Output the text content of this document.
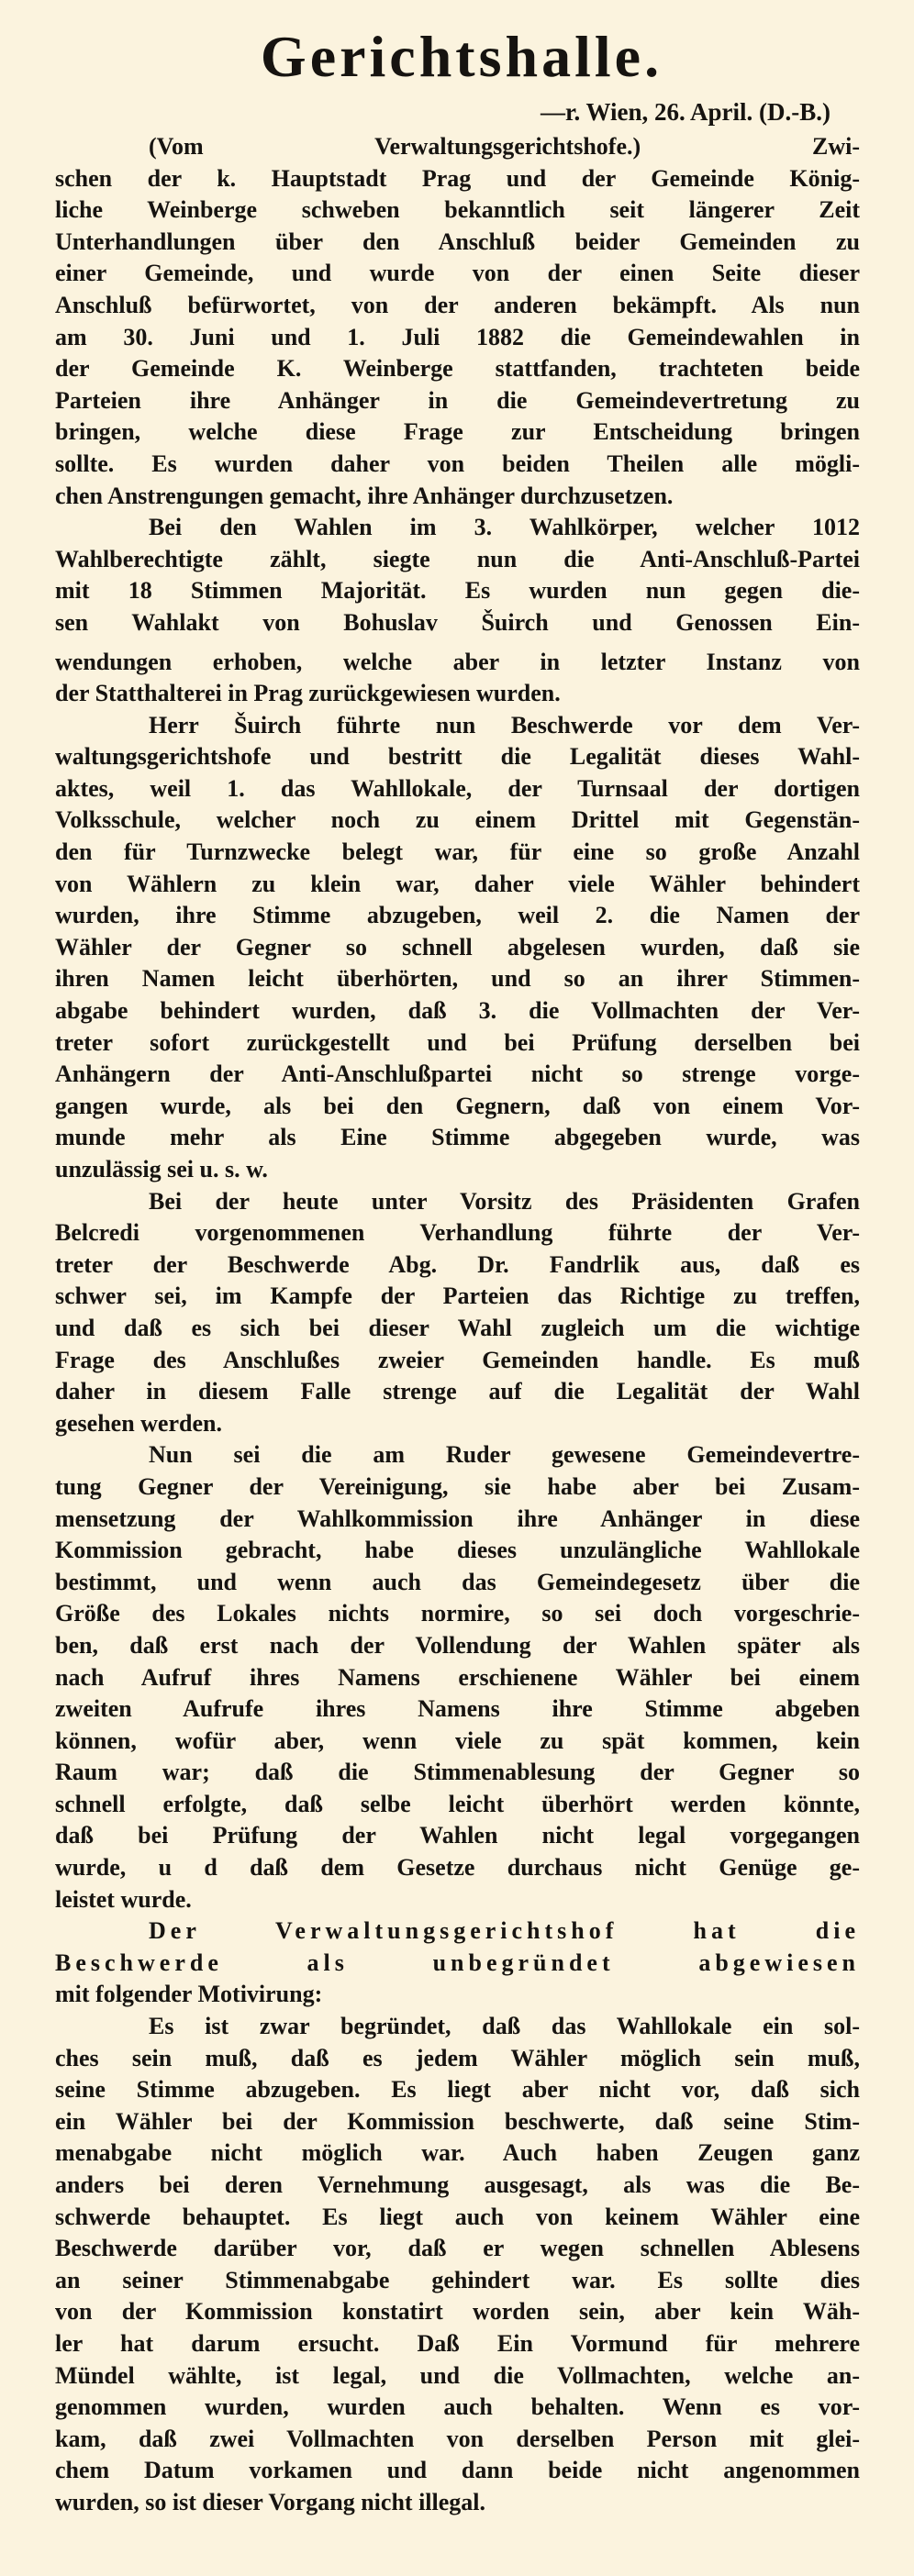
Gerichtshalle.
—r. Wien, 26. April. (D.-B.)
(Vom Verwaltungsgerichtshofe.) Zwi-
schen der k. Hauptstadt Prag und der Gemeinde König-
liche Weinberge schweben bekanntlich seit längerer Zeit
Unterhandlungen über den Anschluß beider Gemeinden zu
einer Gemeinde, und wurde von der einen Seite dieser
Anschluß befürwortet, von der anderen bekämpft. Als nun
am 30. Juni und 1. Juli 1882 die Gemeindewahlen in
der Gemeinde K. Weinberge stattfanden, trachteten beide
Parteien ihre Anhänger in die Gemeindevertretung zu
bringen, welche diese Frage zur Entscheidung bringen
sollte. Es wurden daher von beiden Theilen alle mögli-
chen Anstrengungen gemacht, ihre Anhänger durchzusetzen.
Bei den Wahlen im 3. Wahlkörper, welcher 1012
Wahlberechtigte zählt, siegte nun die Anti-Anschluß-Partei
mit 18 Stimmen Majorität. Es wurden nun gegen die-
sen Wahlakt von Bohuslav Šuirch und Genossen Ein-
wendungen erhoben, welche aber in letzter Instanz von
der Statthalterei in Prag zurückgewiesen wurden.
Herr Šuirch führte nun Beschwerde vor dem Ver-
waltungsgerichtshofe und bestritt die Legalität dieses Wahl-
aktes, weil 1. das Wahllokale, der Turnsaal der dortigen
Volksschule, welcher noch zu einem Drittel mit Gegenstän-
den für Turnzwecke belegt war, für eine so große Anzahl
von Wählern zu klein war, daher viele Wähler behindert
wurden, ihre Stimme abzugeben, weil 2. die Namen der
Wähler der Gegner so schnell abgelesen wurden, daß sie
ihren Namen leicht überhörten, und so an ihrer Stimmen-
abgabe behindert wurden, daß 3. die Vollmachten der Ver-
treter sofort zurückgestellt und bei Prüfung derselben bei
Anhängern der Anti-Anschlußpartei nicht so strenge vorge-
gangen wurde, als bei den Gegnern, daß von einem Vor-
munde mehr als Eine Stimme abgegeben wurde, was
unzulässig sei u. s. w.
Bei der heute unter Vorsitz des Präsidenten Grafen
Belcredi vorgenommenen Verhandlung führte der Ver-
treter der Beschwerde Abg. Dr. Fandrlik aus, daß es
schwer sei, im Kampfe der Parteien das Richtige zu treffen,
und daß es sich bei dieser Wahl zugleich um die wichtige
Frage des Anschlußes zweier Gemeinden handle. Es muß
daher in diesem Falle strenge auf die Legalität der Wahl
gesehen werden.
Nun sei die am Ruder gewesene Gemeindevertre-
tung Gegner der Vereinigung, sie habe aber bei Zusam-
mensetzung der Wahlkommission ihre Anhänger in diese
Kommission gebracht, habe dieses unzulängliche Wahllokale
bestimmt, und wenn auch das Gemeindegesetz über die
Größe des Lokales nichts normire, so sei doch vorgeschrie-
ben, daß erst nach der Vollendung der Wahlen später als
nach Aufruf ihres Namens erschienene Wähler bei einem
zweiten Aufrufe ihres Namens ihre Stimme abgeben
können, wofür aber, wenn viele zu spät kommen, kein
Raum war; daß die Stimmenablesung der Gegner so
schnell erfolgte, daß selbe leicht überhört werden könnte,
daß bei Prüfung der Wahlen nicht legal vorgegangen
wurde, u d daß dem Gesetze durchaus nicht Genüge ge-
leistet wurde.
Der Verwaltungsgerichtshof hat die
Beschwerde als unbegründet abgewiesen
mit folgender Motivirung:
Es ist zwar begründet, daß das Wahllokale ein sol-
ches sein muß, daß es jedem Wähler möglich sein muß,
seine Stimme abzugeben. Es liegt aber nicht vor, daß sich
ein Wähler bei der Kommission beschwerte, daß seine Stim-
menabgabe nicht möglich war. Auch haben Zeugen ganz
anders bei deren Vernehmung ausgesagt, als was die Be-
schwerde behauptet. Es liegt auch von keinem Wähler eine
Beschwerde darüber vor, daß er wegen schnellen Ablesens
an seiner Stimmenabgabe gehindert war. Es sollte dies
von der Kommission konstatirt worden sein, aber kein Wäh-
ler hat darum ersucht. Daß Ein Vormund für mehrere
Mündel wählte, ist legal, und die Vollmachten, welche an-
genommen wurden, wurden auch behalten. Wenn es vor-
kam, daß zwei Vollmachten von derselben Person mit glei-
chem Datum vorkamen und dann beide nicht angenommen
wurden, so ist dieser Vorgang nicht illegal.
